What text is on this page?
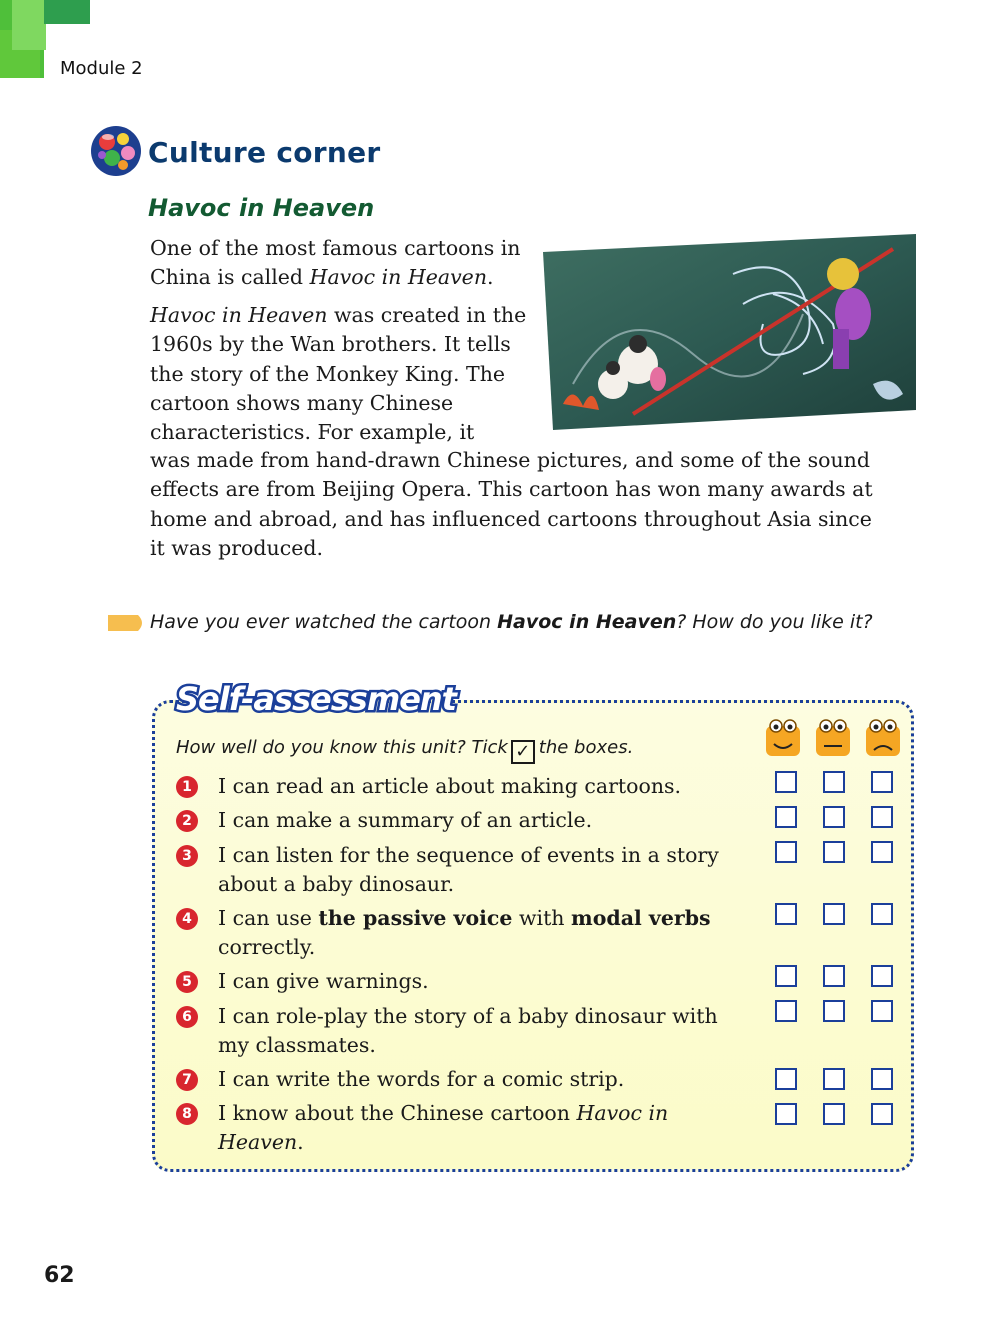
Module 2
Culture corner
Havoc in Heaven
One of the most famous cartoons in China is called Havoc in Heaven.
Havoc in Heaven was created in the 1960s by the Wan brothers. It tells the story of the Monkey King. The cartoon shows many Chinese characteristics. For example, it
was made from hand-drawn Chinese pictures, and some of the sound effects are from Beijing Opera. This cartoon has won many awards at home and abroad, and has influenced cartoons throughout Asia since it was produced.
Have you ever watched the cartoon Havoc in Heaven? How do you like it?
Self-assessment
How well do you know this unit? Tick ✓ the boxes.
1 I can read an article about making cartoons.
2 I can make a summary of an article.
3 I can listen for the sequence of events in a story about a baby dinosaur.
4 I can use the passive voice with modal verbs correctly.
5 I can give warnings.
6 I can role-play the story of a baby dinosaur with my classmates.
7 I can write the words for a comic strip.
8 I know about the Chinese cartoon Havoc in Heaven.
62
